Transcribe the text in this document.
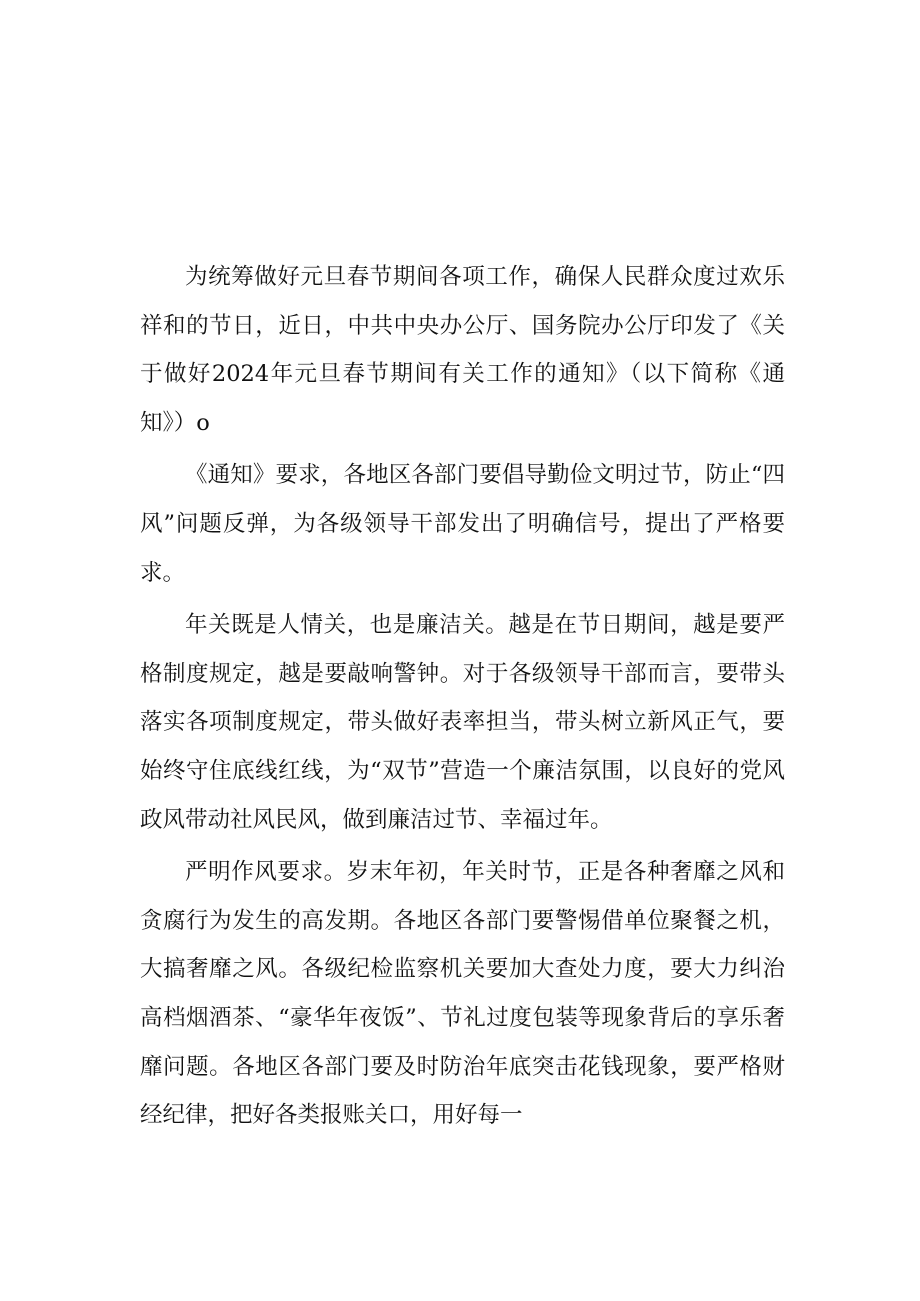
为统筹做好元旦春节期间各项工作，确保人民群众度过欢乐祥和的节日，近日，中共中央办公厅、国务院办公厅印发了《关于做好2024年元旦春节期间有关工作的通知》（以下简称《通知》）o

《通知》要求，各地区各部门要倡导勤俭文明过节，防止“四风”问题反弹，为各级领导干部发出了明确信号，提出了严格要求。

年关既是人情关，也是廉洁关。越是在节日期间，越是要严格制度规定，越是要敲响警钟。对于各级领导干部而言，要带头落实各项制度规定，带头做好表率担当，带头树立新风正气，要始终守住底线红线，为“双节”营造一个廉洁氛围，以良好的党风政风带动社风民风，做到廉洁过节、幸福过年。

严明作风要求。岁末年初，年关时节，正是各种奢靡之风和贪腐行为发生的高发期。各地区各部门要警惕借单位聚餐之机，大搞奢靡之风。各级纪检监察机关要加大查处力度，要大力纠治高档烟酒茶、“豪华年夜饭”、节礼过度包装等现象背后的享乐奢靡问题。各地区各部门要及时防治年底突击花钱现象，要严格财经纪律，把好各类报账关口，用好每一
